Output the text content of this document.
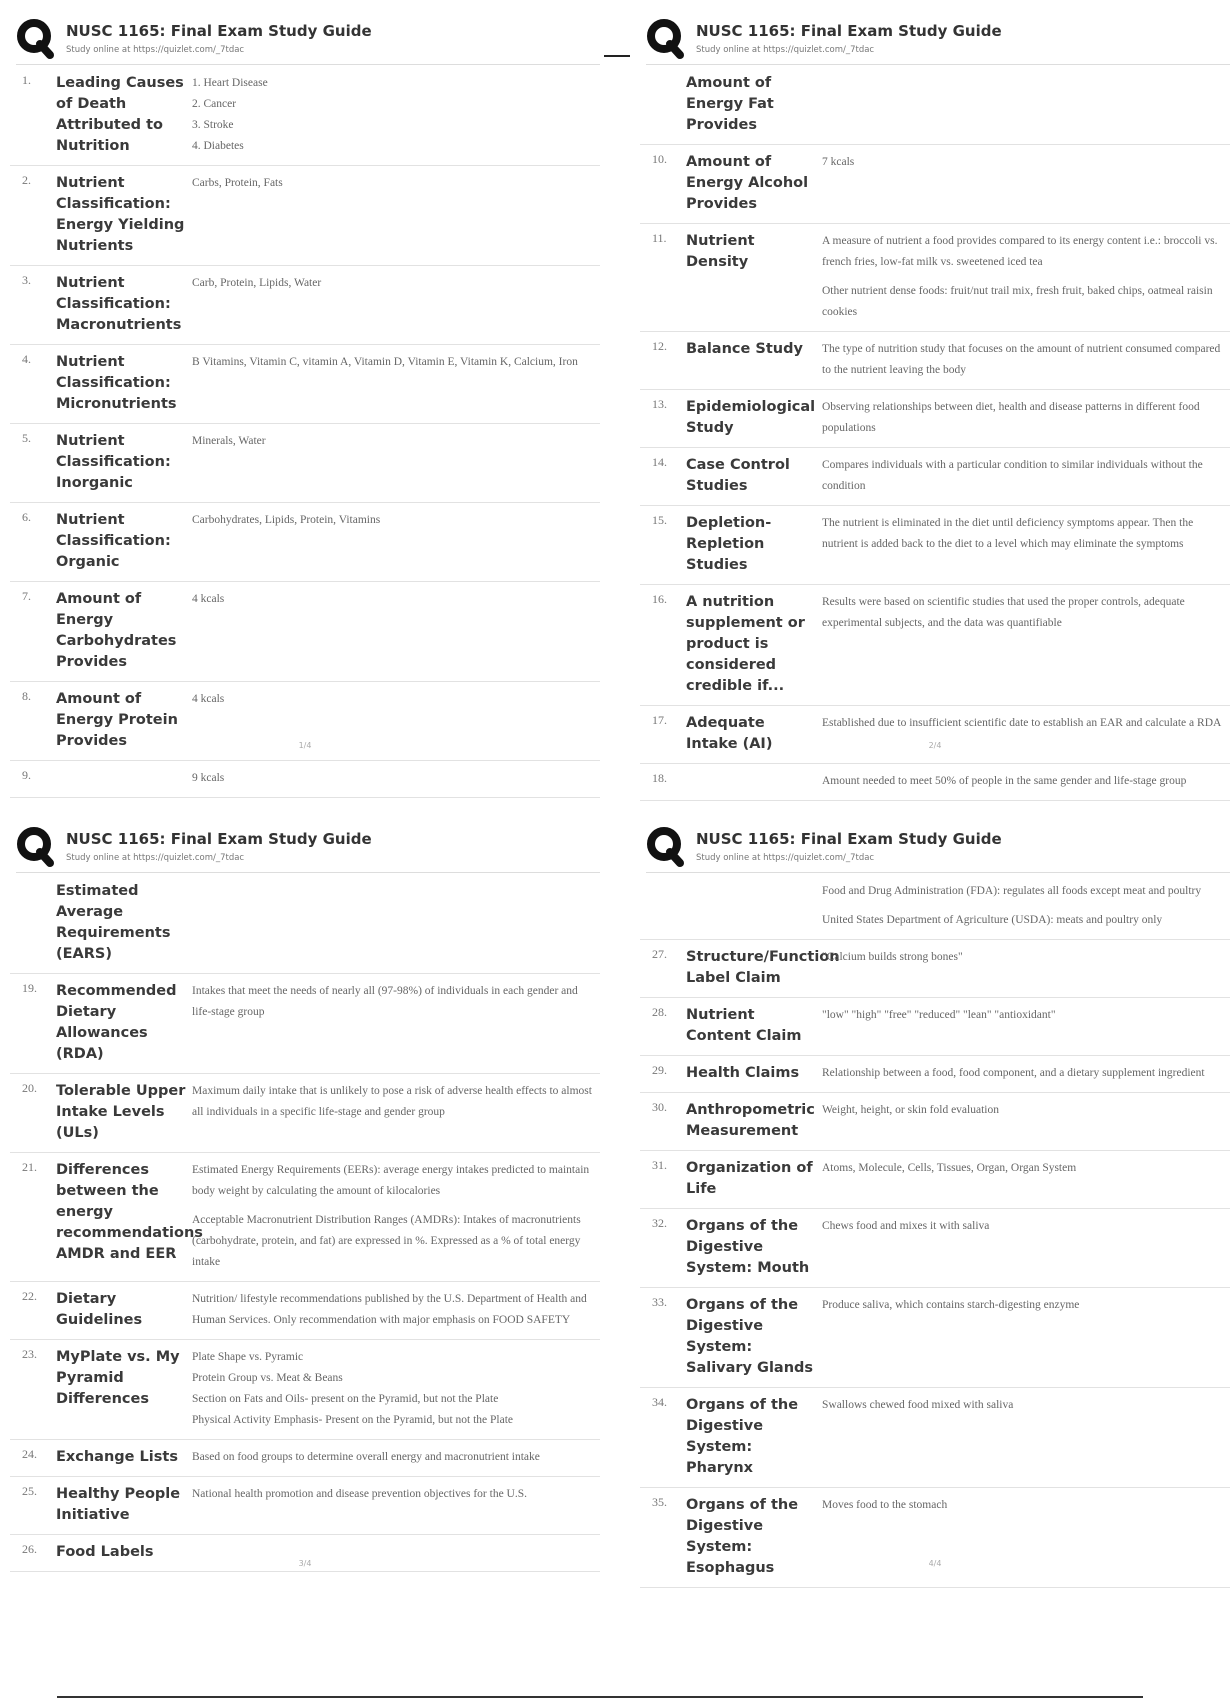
NUSC 1165: Final Exam Study Guide
Study online at https://quizlet.com/_7tdac
1.	Leading Causes of Death Attributed to Nutrition

1. Heart Disease
2. Cancer
3. Stroke
4. Diabetes

2.	Nutrient Classification: Energy Yielding Nutrients

Carbs, Protein, Fats

3.	Nutrient Classification: Macronutrients

Carb, Protein, Lipids, Water

4.	Nutrient Classification: Micronutrients

B Vitamins, Vitamin C, vitamin A, Vitamin D, Vitamin E, Vitamin K, Calcium, Iron

5.	Nutrient Classification: Inorganic

Minerals, Water

6.	Nutrient Classification: Organic

Carbohydrates, Lipids, Protein, Vitamins

7.	Amount of Energy Carbohydrates Provides

4 kcals

8.	Amount of Energy Protein Provides

4 kcals

9.	9 kcals

1/4
NUSC 1165: Final Exam Study Guide
Study online at https://quizlet.com/_7tdac
Amount of Energy Fat Provides

10.	Amount of Energy Alcohol Provides

7 kcals

11.	Nutrient Density

A measure of nutrient a food provides compared to its energy content i.e.: broccoli vs. french fries, low-fat milk vs. sweetened iced tea

Other nutrient dense foods: fruit/nut trail mix, fresh fruit, baked chips, oatmeal raisin cookies

12.	Balance Study	The type of nutrition study that focuses on the amount of nutrient consumed compared to the nutrient leaving the body

13.	Epidemiological Study

Observing relationships between diet, health and disease patterns in different food populations

14.	Case Control Studies

Compares individuals with a particular condition to similar individuals without the condition

15.	Depletion-Repletion Studies

The nutrient is eliminated in the diet until deficiency symptoms appear. Then the nutrient is added back to the diet to a level which may eliminate the symptoms

16.	A nutrition supplement or product is considered credible if...

Results were based on scientific studies that used the proper controls, adequate experimental subjects, and the data was quantifiable

17.	Adequate Intake (AI)

Established due to insufficient scientific date to establish an EAR and calculate a RDA

18.	Amount needed to meet 50% of people in the same gender and life-stage group

2/4
NUSC 1165: Final Exam Study Guide
Study online at https://quizlet.com/_7tdac
Estimated Average Requirements (EARS)

19.	Recommended Dietary Allowances (RDA)

Intakes that meet the needs of nearly all (97-98%) of individuals in each gender and life-stage group

20.	Tolerable Upper Intake Levels (ULs)

Maximum daily intake that is unlikely to pose a risk of adverse health effects to almost all individuals in a specific life-stage and gender group

21.	Differences between the energy recommendations AMDR and EER

Estimated Energy Requirements (EERs): average energy intakes predicted to maintain body weight by calculating the amount of kilocalories

Acceptable Macronutrient Distribution Ranges (AMDRs): Intakes of macronutrients (carbohydrate, protein, and fat) are expressed in %. Expressed as a % of total energy intake

22.	Dietary Guidelines

Nutrition/ lifestyle recommendations published by the U.S. Department of Health and Human Services. Only recommendation with major emphasis on FOOD SAFETY

23.	MyPlate vs. My Pyramid Differences

Plate Shape vs. Pyramic
Protein Group vs. Meat & Beans
Section on Fats and Oils- present on the Pyramid, but not the Plate
Physical Activity Emphasis- Present on the Pyramid, but not the Plate

24.	Exchange Lists	Based on food groups to determine overall energy and macronutrient intake

25.	Healthy People Initiative

National health promotion and disease prevention objectives for the U.S.

26.	Food Labels

3/4
NUSC 1165: Final Exam Study Guide
Study online at https://quizlet.com/_7tdac

Food and Drug Administration (FDA): regulates all foods except meat and poultry

United States Department of Agriculture (USDA): meats and poultry only

27.	Structure/Function Label Claim

"Calcium builds strong bones"

28.	Nutrient Content Claim

"low" "high" "free" "reduced" "lean" "antioxidant"

29.	Health Claims	Relationship between a food, food component, and a dietary supplement ingredient

30.	Anthropometric Measurement

Weight, height, or skin fold evaluation

31.	Organization of Life

Atoms, Molecule, Cells, Tissues, Organ, Organ System

32.	Organs of the Digestive System: Mouth

Chews food and mixes it with saliva

33.	Organs of the Digestive System: Salivary Glands

Produce saliva, which contains starch-digesting enzyme

34.	Organs of the Digestive System: Pharynx

Swallows chewed food mixed with saliva

35.	Organs of the Digestive System: Esophagus

Moves food to the stomach

4/4
